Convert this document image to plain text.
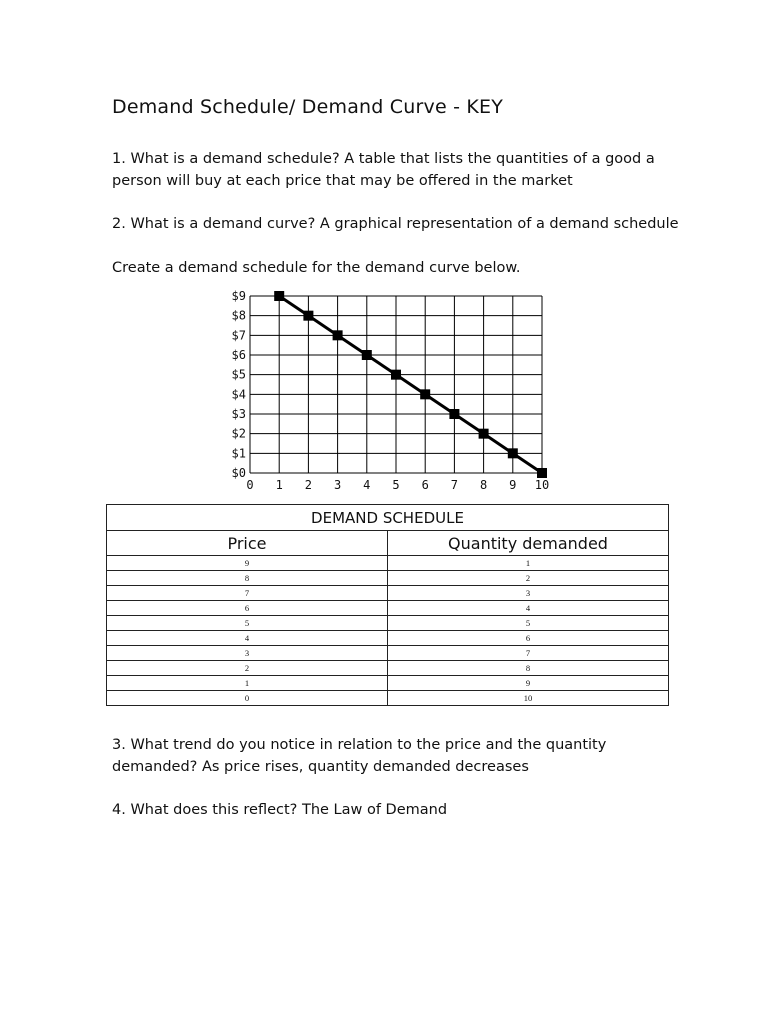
Demand Schedule/ Demand Curve - KEY
1. What is a demand schedule? A table that lists the quantities of a good a person will buy at each price that may be offered in the market
2. What is a demand curve? A graphical representation of a demand schedule
Create a demand schedule for the demand curve below.
$0
$1
$2
$3
$4
$5
$6
$7
$8
$9
0 1 2 3 4 5 6 7 8 9 10
DEMAND SCHEDULE	
Price	Quantity demanded
9	1
8	2
7	3
6	4
5	5
4	6
3	7
2	8
1	9
0	10
3. What trend do you notice in relation to the price and the quantity demanded? As price rises, quantity demanded decreases
4. What does this reflect? The Law of Demand
